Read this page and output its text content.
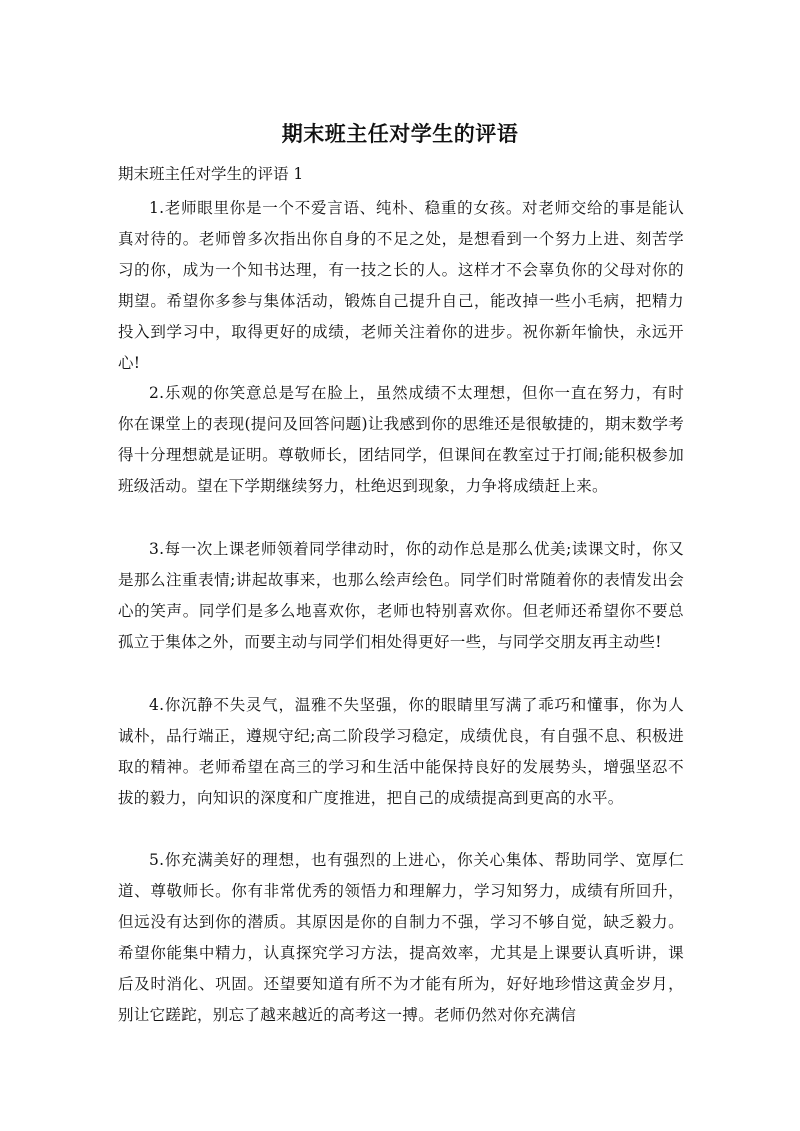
期末班主任对学生的评语

期末班主任对学生的评语 1

1.老师眼里你是一个不爱言语、纯朴、稳重的女孩。对老师交给的事是能认真对待的。老师曾多次指出你自身的不足之处，是想看到一个努力上进、刻苦学习的你，成为一个知书达理，有一技之长的人。这样才不会辜负你的父母对你的期望。希望你多参与集体活动，锻炼自己提升自己，能改掉一些小毛病，把精力投入到学习中，取得更好的成绩，老师关注着你的进步。祝你新年愉快，永远开心!

2.乐观的你笑意总是写在脸上，虽然成绩不太理想，但你一直在努力，有时你在课堂上的表现(提问及回答问题)让我感到你的思维还是很敏捷的，期末数学考得十分理想就是证明。尊敬师长，团结同学，但课间在教室过于打闹;能积极参加班级活动。望在下学期继续努力，杜绝迟到现象，力争将成绩赶上来。

3.每一次上课老师领着同学律动时，你的动作总是那么优美;读课文时，你又是那么注重表情;讲起故事来，也那么绘声绘色。同学们时常随着你的表情发出会心的笑声。同学们是多么地喜欢你，老师也特别喜欢你。但老师还希望你不要总孤立于集体之外，而要主动与同学们相处得更好一些，与同学交朋友再主动些!

4.你沉静不失灵气，温雅不失坚强，你的眼睛里写满了乖巧和懂事，你为人诚朴，品行端正，遵规守纪;高二阶段学习稳定，成绩优良，有自强不息、积极进取的精神。老师希望在高三的学习和生活中能保持良好的发展势头，增强坚忍不拔的毅力，向知识的深度和广度推进，把自己的成绩提高到更高的水平。

5.你充满美好的理想，也有强烈的上进心，你关心集体、帮助同学、宽厚仁道、尊敬师长。你有非常优秀的领悟力和理解力，学习知努力，成绩有所回升，但远没有达到你的潜质。其原因是你的自制力不强，学习不够自觉，缺乏毅力。希望你能集中精力，认真探究学习方法，提高效率，尤其是上课要认真听讲，课后及时消化、巩固。还望要知道有所不为才能有所为，好好地珍惜这黄金岁月，别让它蹉跎，别忘了越来越近的高考这一搏。老师仍然对你充满信
